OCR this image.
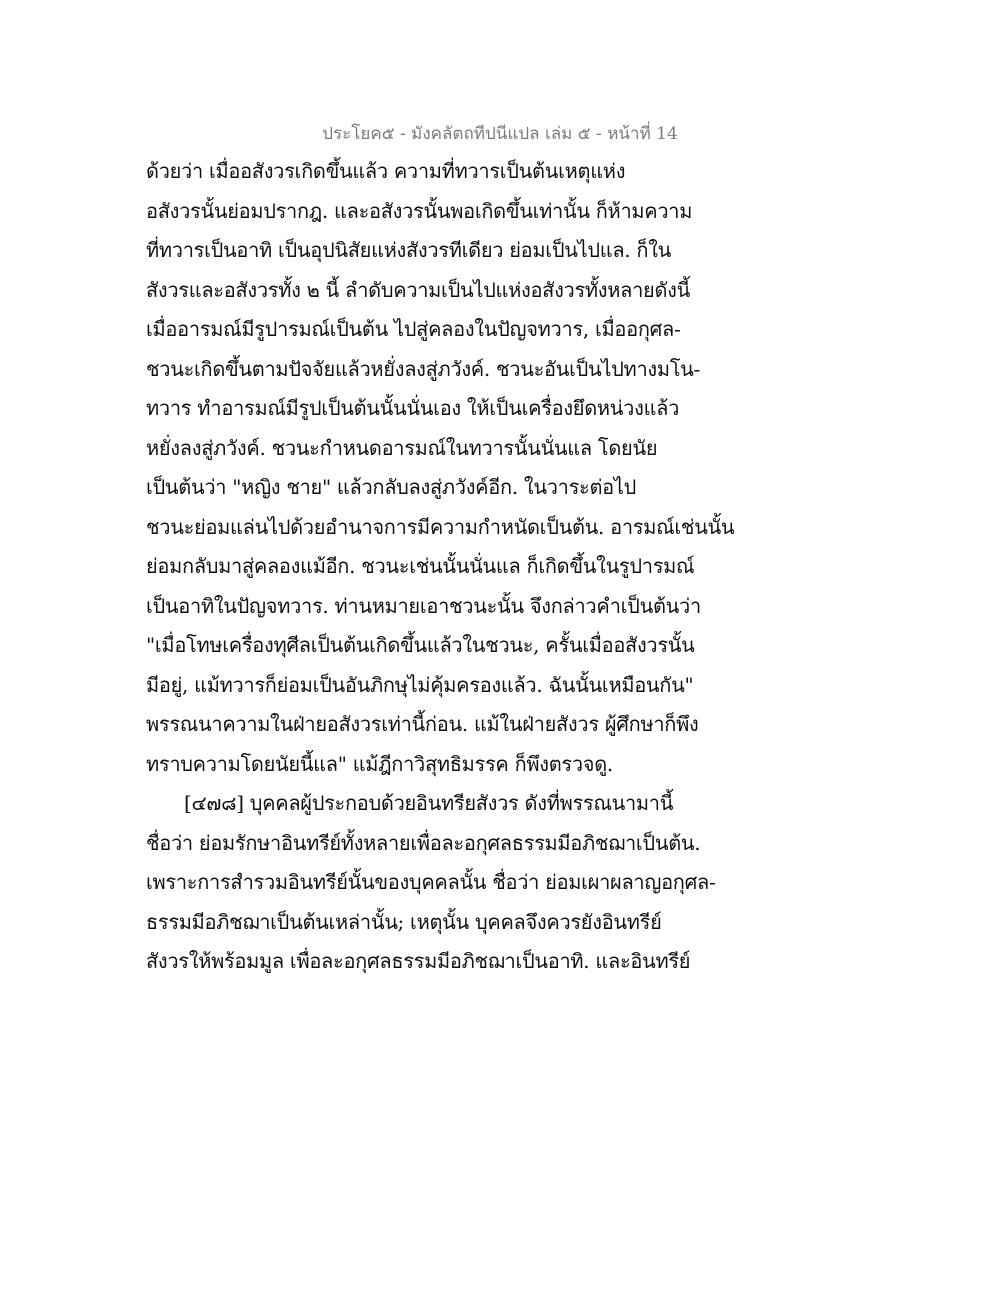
ประโยค๕ - มังคลัตถทีปนีแปล เล่ม ๕ - หน้าที่ 14
ด้วยว่า เมื่ออสังวรเกิดขึ้นแล้ว ความที่ทวารเป็นต้นเหตุแห่ง
อสังวรนั้นย่อมปรากฎ. และอสังวรนั้นพอเกิดขึ้นเท่านั้น ก็ห้ามความ
ที่ทวารเป็นอาทิ เป็นอุปนิสัยแห่งสังวรทีเดียว ย่อมเป็นไปแล. ก็ใน
สังวรและอสังวรทั้ง ๒ นี้ ลำดับความเป็นไปแห่งอสังวรทั้งหลายดังนี้
เมื่ออารมณ์มีรูปารมณ์เป็นต้น ไปสู่คลองในปัญจทวาร, เมื่ออกุศล-
ชวนะเกิดขึ้นตามปัจจัยแล้วหยั่งลงสู่ภวังค์. ชวนะอันเป็นไปทางมโน-
ทวาร ทำอารมณ์มีรูปเป็นต้นนั้นนั่นเอง ให้เป็นเครื่องยึดหน่วงแล้ว
หยั่งลงสู่ภวังค์. ชวนะกำหนดอารมณ์ในทวารนั้นนั่นแล โดยนัย
เป็นต้นว่า "หญิง ชาย" แล้วกลับลงสู่ภวังค์อีก. ในวาระต่อไป
ชวนะย่อมแล่นไปด้วยอำนาจการมีความกำหนัดเป็นต้น. อารมณ์เช่นนั้น
ย่อมกลับมาสู่คลองแม้อีก. ชวนะเช่นนั้นนั่นแล ก็เกิดขึ้นในรูปารมณ์
เป็นอาทิในปัญจทวาร. ท่านหมายเอาชวนะนั้น จึงกล่าวคำเป็นต้นว่า
"เมื่อโทษเครื่องทุศีลเป็นต้นเกิดขึ้นแล้วในชวนะ, ครั้นเมื่ออสังวรนั้น
มีอยู่, แม้ทวารก็ย่อมเป็นอันภิกษุไม่คุ้มครองแล้ว. ฉันนั้นเหมือนกัน"
พรรณนาความในฝ่ายอสังวรเท่านี้ก่อน. แม้ในฝ่ายสังวร ผู้ศึกษาก็พึง
ทราบความโดยนัยนี้แล" แม้ฎีกาวิสุทธิมรรค ก็พึงตรวจดู.
[๔๗๘] บุคคลผู้ประกอบด้วยอินทรียสังวร ดังที่พรรณนามานี้
ชื่อว่า ย่อมรักษาอินทรีย์ทั้งหลายเพื่อละอกุศลธรรมมีอภิชฌาเป็นต้น.
เพราะการสำรวมอินทรีย์นั้นของบุคคลนั้น ชื่อว่า ย่อมเผาผลาญอกุศล-
ธรรมมีอภิชฌาเป็นต้นเหล่านั้น; เหตุนั้น บุคคลจึงควรยังอินทรีย์
สังวรให้พร้อมมูล เพื่อละอกุศลธรรมมีอภิชฌาเป็นอาทิ. และอินทรีย์
